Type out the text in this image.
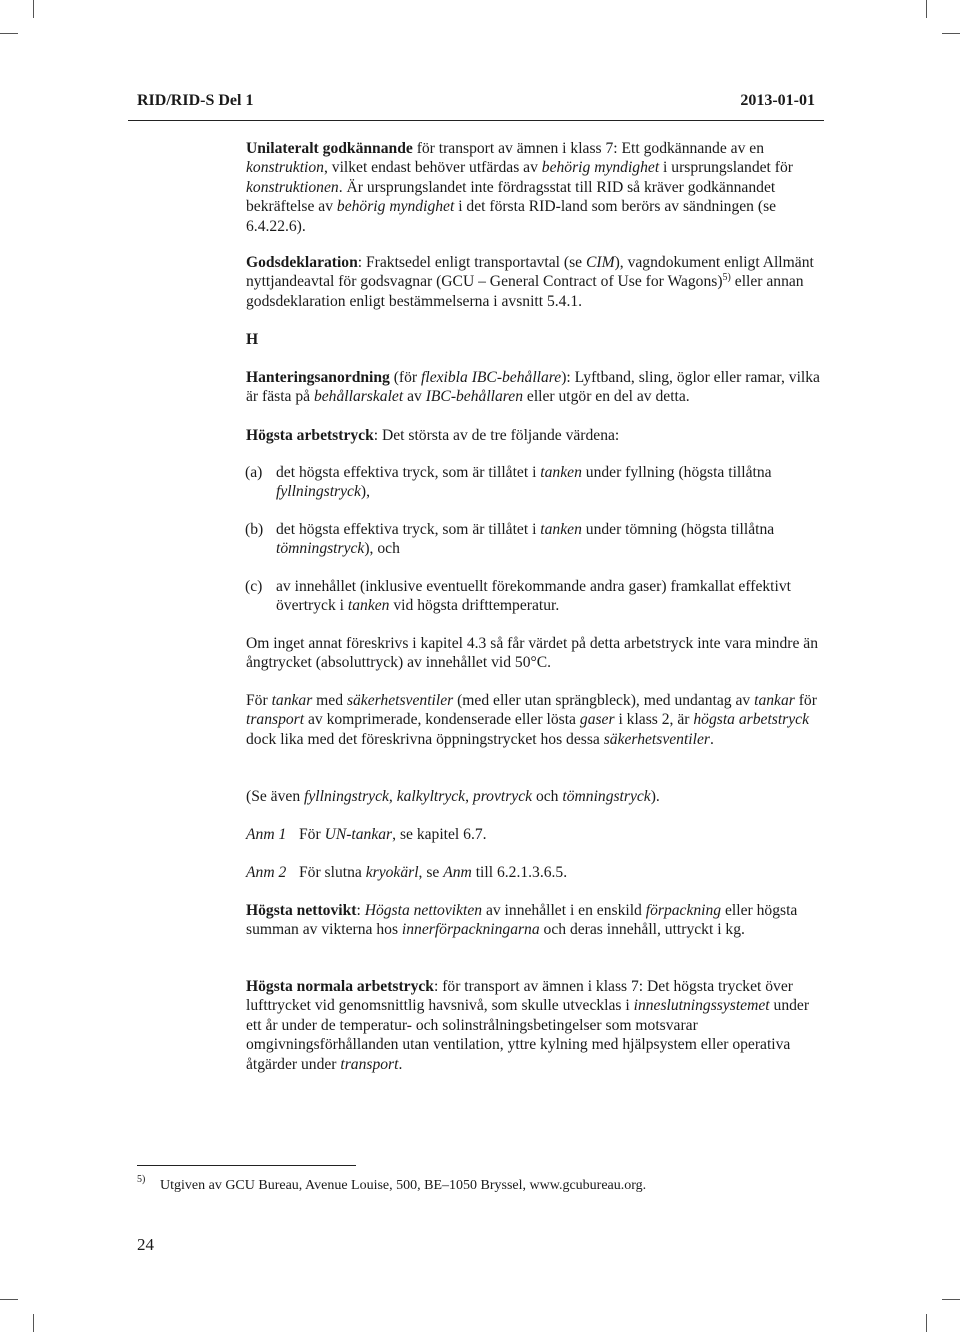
RID/RID-S Del 1	2013-01-01

Unilateralt godkännande för transport av ämnen i klass 7: Ett godkännande av en konstruktion, vilket endast behöver utfärdas av behörig myndighet i ursprungslandet för konstruktionen. Är ursprungslandet inte fördragsstat till RID så kräver godkännandet bekräftelse av behörig myndighet i det första RID-land som berörs av sändningen (se 6.4.22.6).

Godsdeklaration: Fraktsedel enligt transportavtal (se CIM), vagndokument enligt Allmänt nyttjandeavtal för godsvagnar (GCU – General Contract of Use for Wagons)$^{5)}$ eller annan godsdeklaration enligt bestämmelserna i avsnitt 5.4.1.

H

Hanteringsanordning (för flexibla IBC-behållare): Lyftband, sling, öglor eller ramar, vilka är fästa på behållarskalet av IBC-behållaren eller utgör en del av detta.

Högsta arbetstryck: Det största av de tre följande värdena:

(a) det högsta effektiva tryck, som är tillåtet i tanken under fyllning (högsta tillåtna fyllningstryck),
(b) det högsta effektiva tryck, som är tillåtet i tanken under tömning (högsta tillåtna tömningstryck), och
(c) av innehållet (inklusive eventuellt förekommande andra gaser) framkallat effektivt övertryck i tanken vid högsta drifttemperatur.

Om inget annat föreskrivs i kapitel 4.3 så får värdet på detta arbetstryck inte vara mindre än ångtrycket (absoluttryck) av innehållet vid 50°C.

För tankar med säkerhetsventiler (med eller utan sprängbleck), med undantag av tankar för transport av komprimerade, kondenserade eller lösta gaser i klass 2, är högsta arbetstryck dock lika med det föreskrivna öppningstrycket hos dessa säkerhetsventiler.

(Se även fyllningstryck, kalkyltryck, provtryck och tömningstryck).

Anm 1 För UN-tankar, se kapitel 6.7.
Anm 2 För slutna kryokärl, se Anm till 6.2.1.3.6.5.

Högsta nettovikt: Högsta nettovikten av innehållet i en enskild förpackning eller högsta summan av vikterna hos innerförpackningarna och deras innehåll, uttryckt i kg.

Högsta normala arbetstryck: för transport av ämnen i klass 7: Det högsta trycket över lufttrycket vid genomsnittlig havsnivå, som skulle utvecklas i inneslutningssystemet under ett år under de temperatur- och solinstrålningsbetingelser som motsvarar omgivningsförhållanden utan ventilation, yttre kylning med hjälpsystem eller operativa åtgärder under transport.

5) Utgiven av GCU Bureau, Avenue Louise, 500, BE–1050 Bryssel, www.gcubureau.org.
24
